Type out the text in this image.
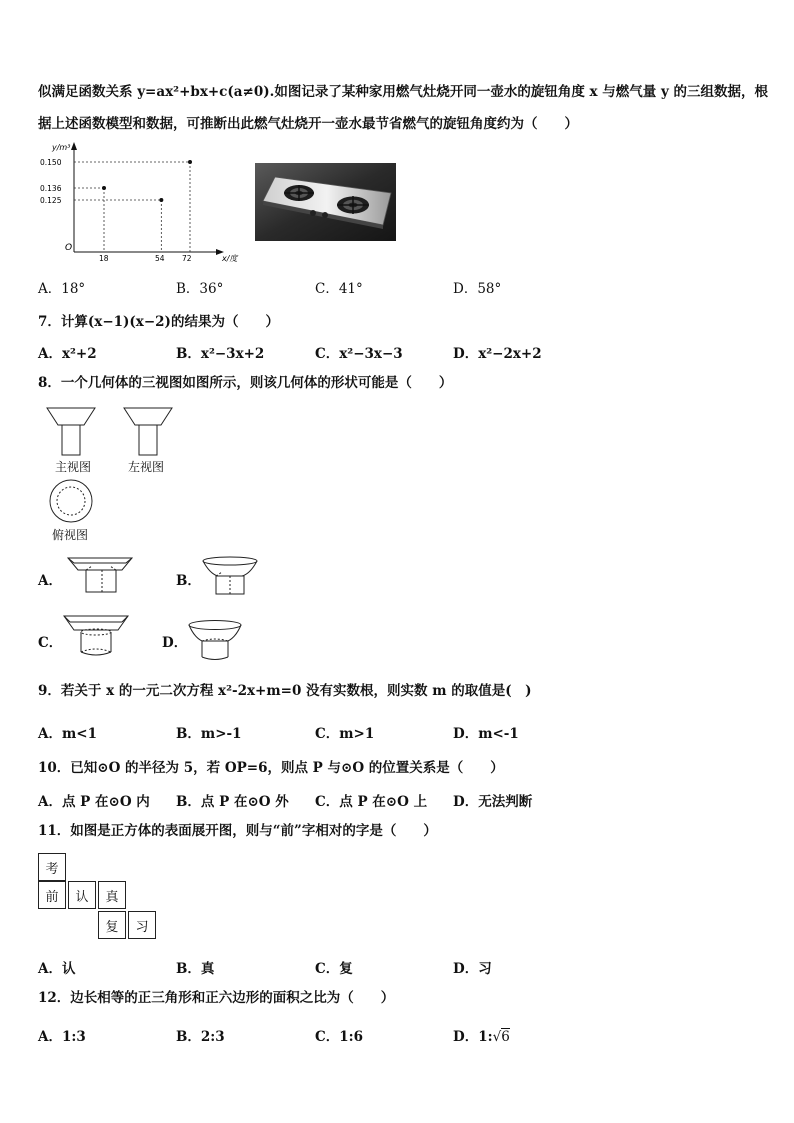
似满足函数关系 y=ax²+bx+c(a≠0).如图记录了某种家用燃气灶烧开同一壶水的旋钮角度 x 与燃气量 y 的三组数据，根
据上述函数模型和数据，可推断出此燃气灶烧开一壶水最节省燃气的旋钮角度约为（　　）
y/m³
x/度
O
0.150
0.136
0.125
18	54 72
A．18°	B．36°	C．41°	D．58°
7．计算(x−1)(x−2)的结果为（　　）
A．x²+2	B．x²−3x+2	C．x²−3x−3	D．x²−2x+2
8．一个几何体的三视图如图所示，则该几何体的形状可能是（　　）
主视图	左视图
俯视图
A．	B．
C．	D．
9．若关于 x 的一元二次方程 x²-2x+m=0 没有实数根，则实数 m 的取值是(　)
A．m<1	B．m>-1	C．m>1	D．m<-1
10．已知⊙O 的半径为 5，若 OP=6，则点 P 与⊙O 的位置关系是（　　）
A．点 P 在⊙O 内 B．点 P 在⊙O 外 C．点 P 在⊙O 上 D．无法判断
11．如图是正方体的表面展开图，则与“前”字相对的字是（　　）
考
前	认	真
复	习
A．认	B．真	C．复	D．习
12．边长相等的正三角形和正六边形的面积之比为（　　）
A．1:3	B．2:3	C．1:6	D．1:√6
